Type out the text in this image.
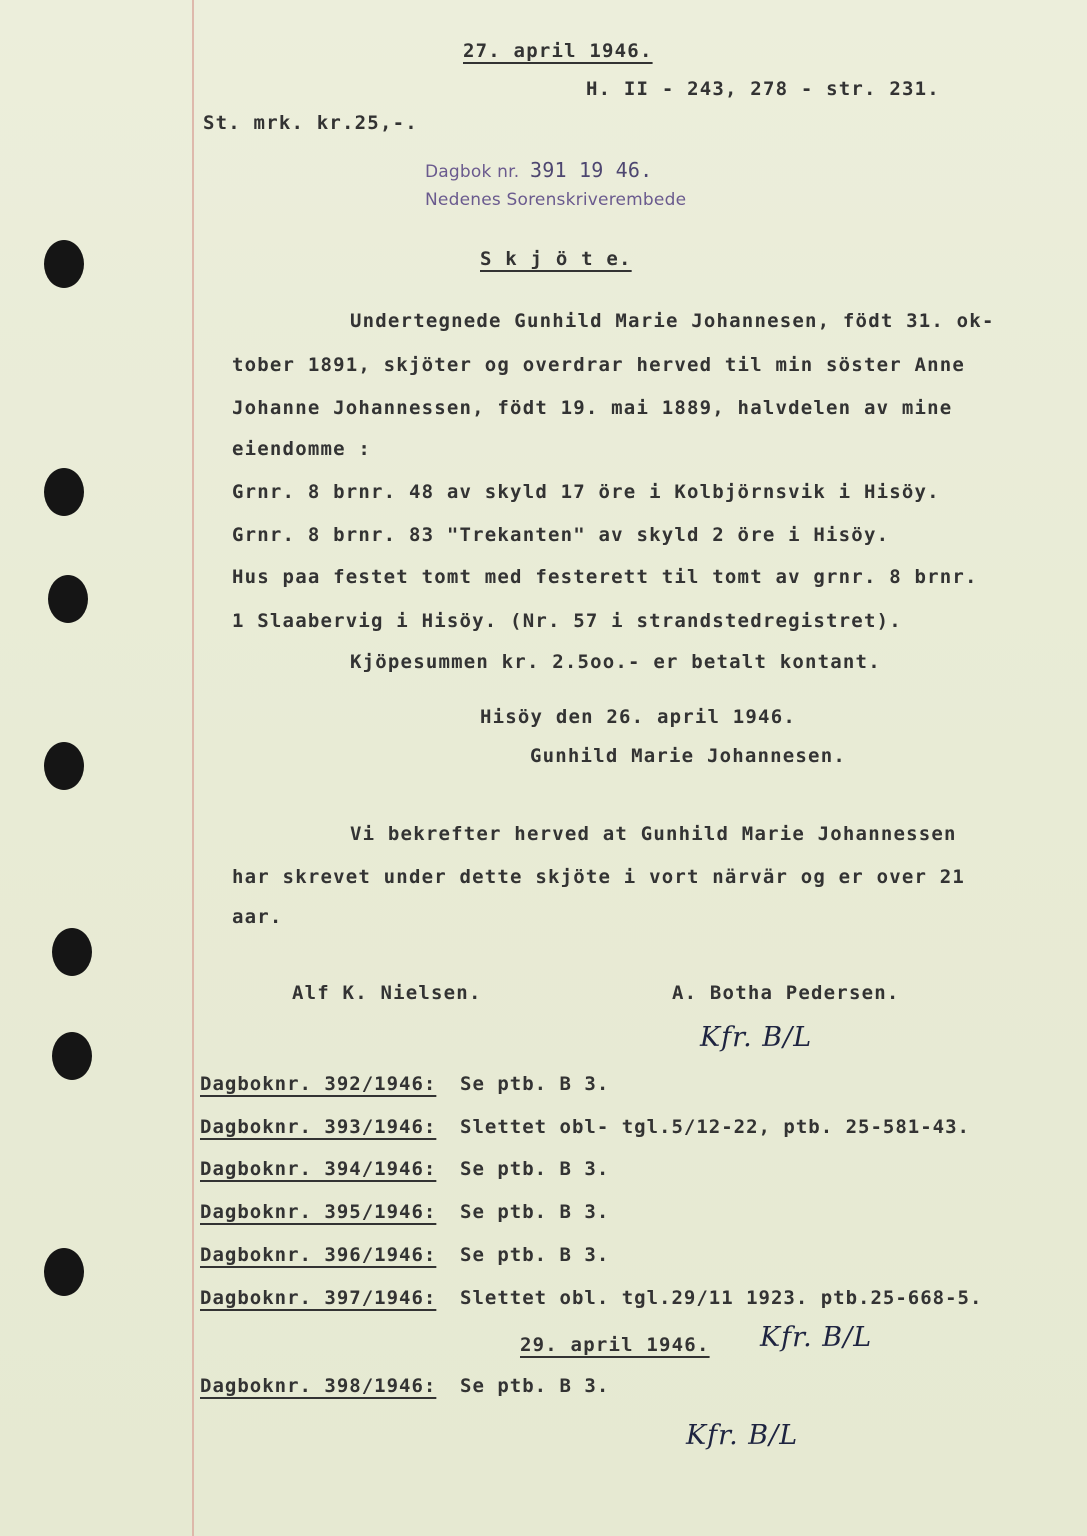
27. april 1946.
H. II - 243, 278 - str. 231.
St. mrk. kr.25,-.
Dagbok nr. 391 19 46.
Nedenes Sorenskriverembede
S k j ö t e.
Undertegnede Gunhild Marie Johannesen, födt 31. ok-
tober 1891, skjöter og overdrar herved til min söster Anne
Johanne Johannessen, födt 19. mai 1889, halvdelen av mine
eiendomme :
Grnr. 8 brnr. 48 av skyld 17 öre i Kolbjörnsvik i Hisöy.
Grnr. 8 brnr. 83 "Trekanten" av skyld 2 öre i Hisöy.
Hus paa festet tomt med festerett til tomt av grnr. 8 brnr.
1 Slaabervig i Hisöy. (Nr. 57 i strandstedregistret).
Kjöpesummen kr. 2.5oo.- er betalt kontant.
Hisöy den 26. april 1946.
Gunhild Marie Johannesen.
Vi bekrefter herved at Gunhild Marie Johannessen
har skrevet under dette skjöte i vort närvär og er over 21
aar.
Alf K. Nielsen.	A. Botha Pedersen.
Kfr. B/L
Dagboknr. 392/1946: Se ptb. B 3.
Dagboknr. 393/1946: Slettet obl- tgl.5/12-22, ptb. 25-581-43.
Dagboknr. 394/1946: Se ptb. B 3.
Dagboknr. 395/1946: Se ptb. B 3.
Dagboknr. 396/1946: Se ptb. B 3.
Dagboknr. 397/1946: Slettet obl. tgl.29/11 1923. ptb.25-668-5.
29. april 1946. Kfr. B/L
Dagboknr. 398/1946: Se ptb. B 3.
Kfr. B/L
